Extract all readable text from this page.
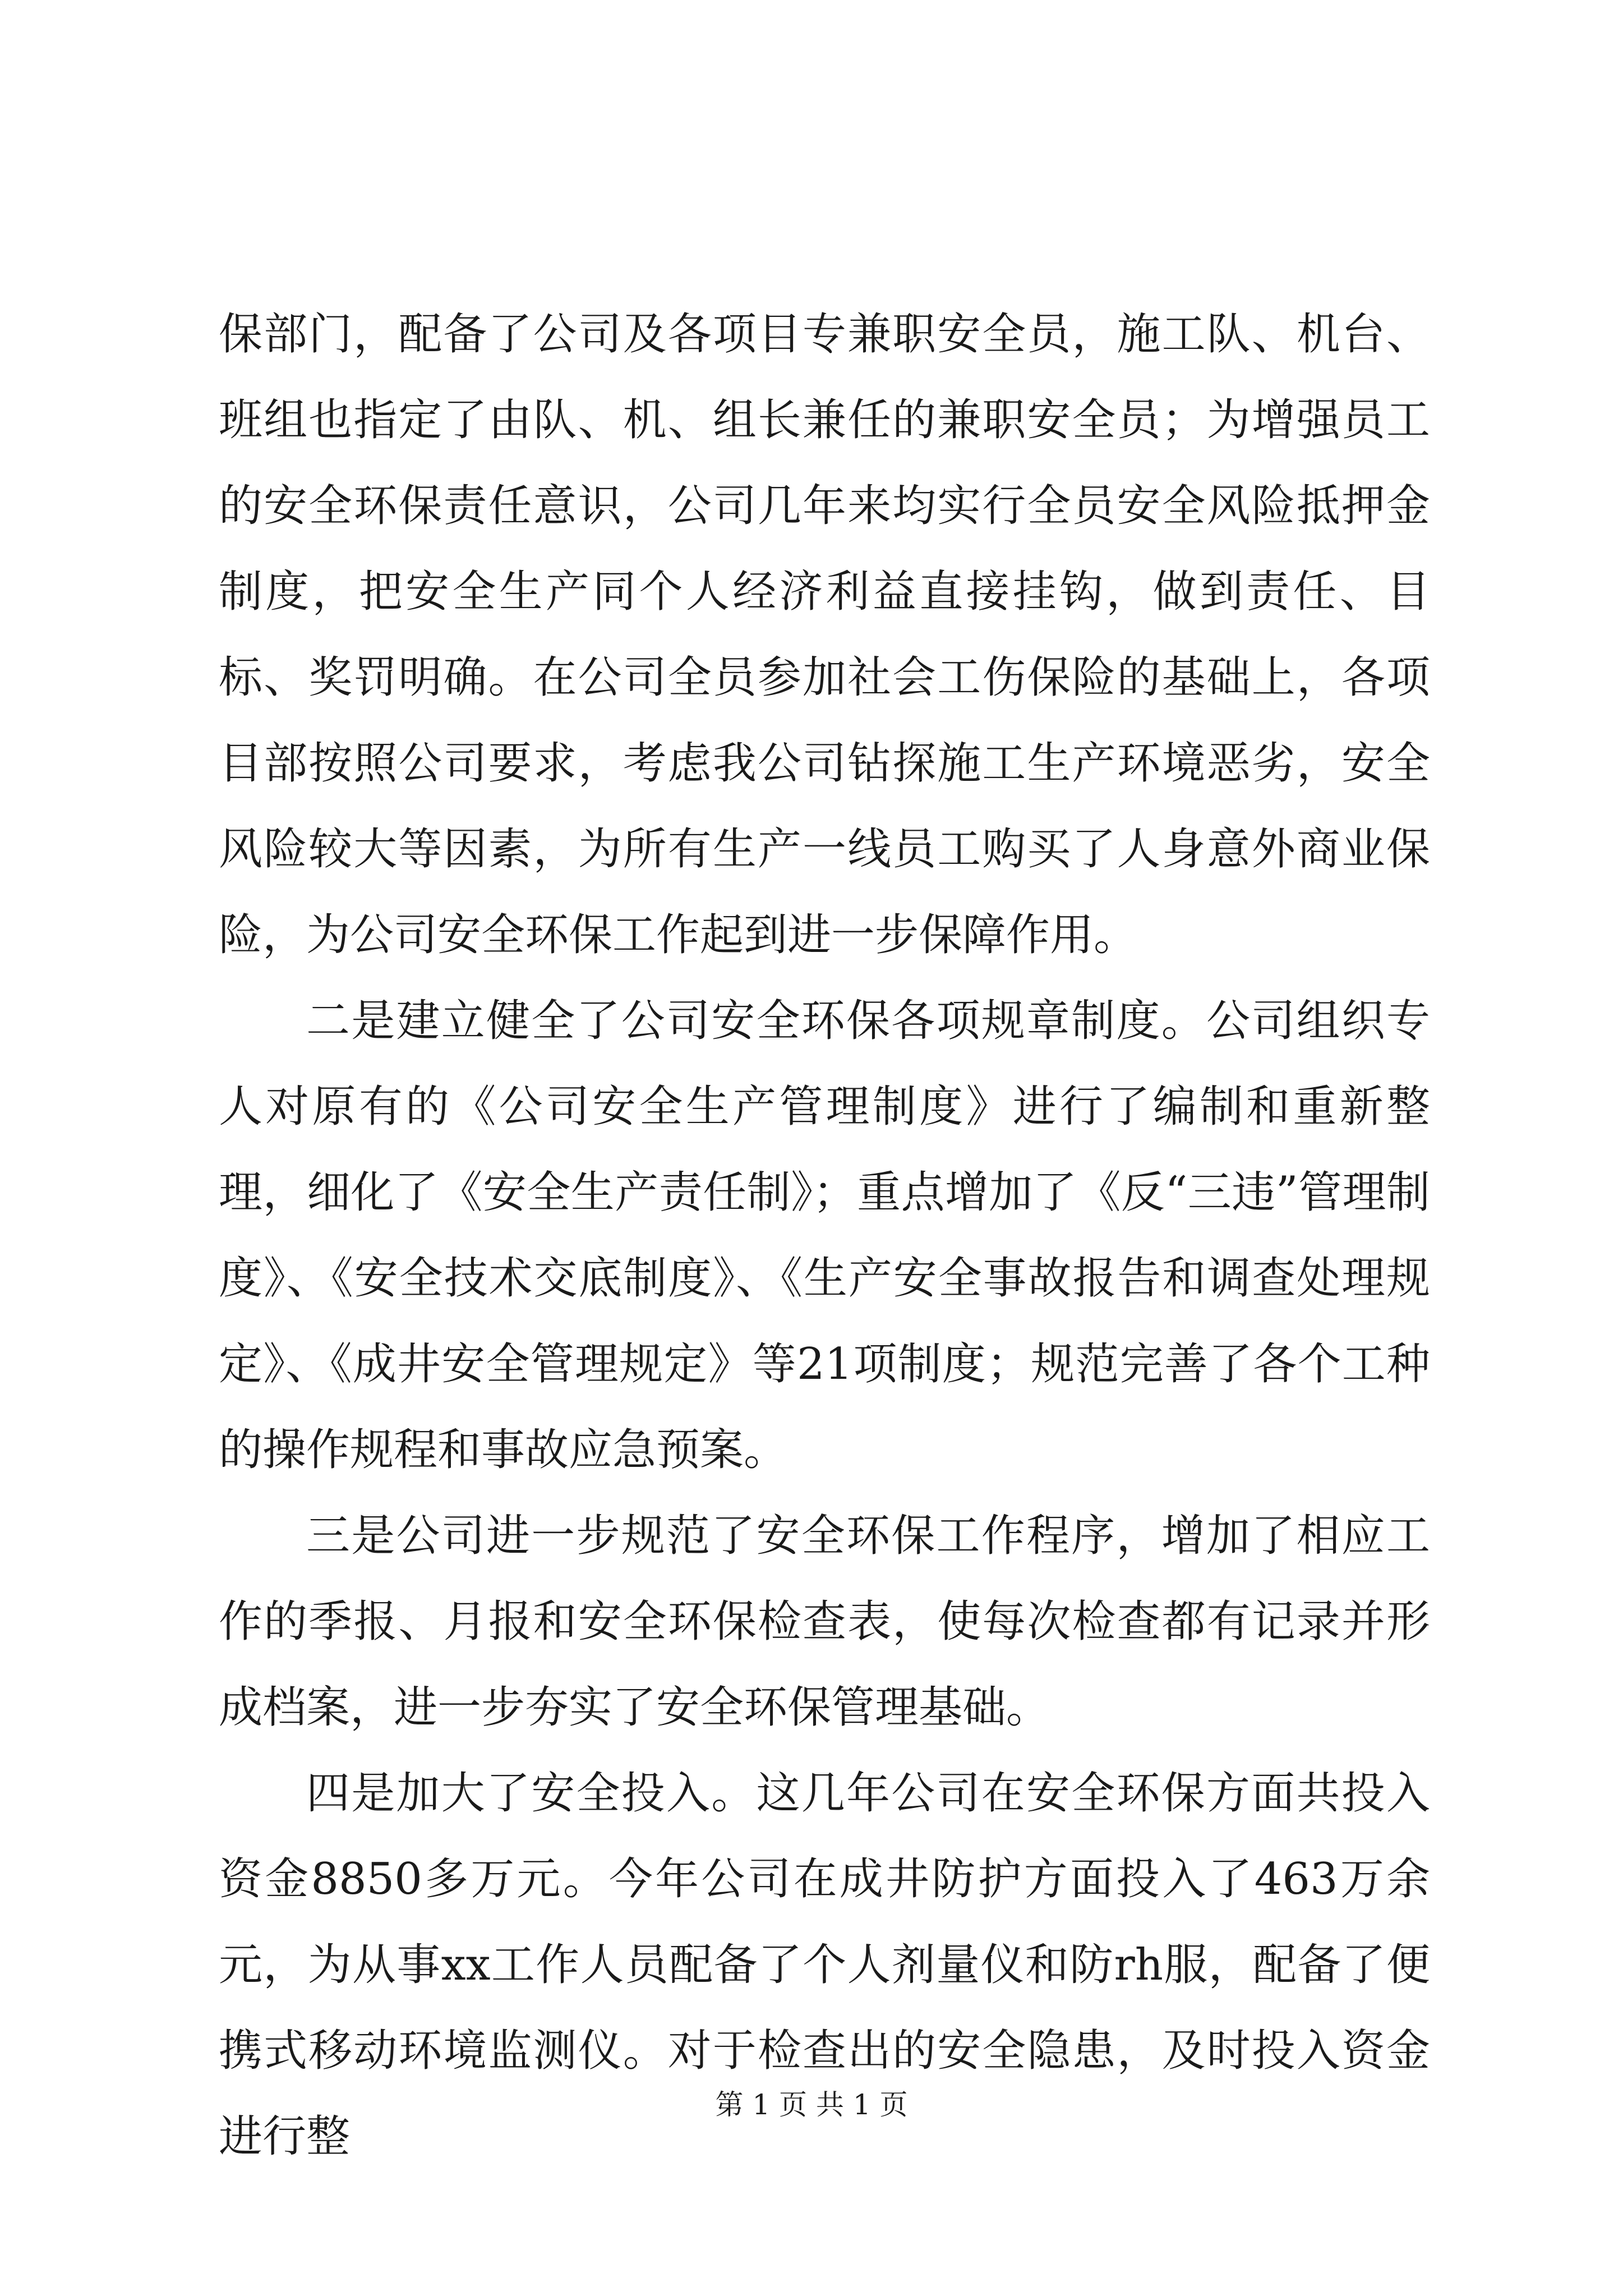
保部门，配备了公司及各项目专兼职安全员，施工队、机台、班组也指定了由队、机、组长兼任的兼职安全员；为增强员工的安全环保责任意识，公司几年来均实行全员安全风险抵押金制度，把安全生产同个人经济利益直接挂钩，做到责任、目标、奖罚明确。在公司全员参加社会工伤保险的基础上，各项目部按照公司要求，考虑我公司钻探施工生产环境恶劣，安全风险较大等因素，为所有生产一线员工购买了人身意外商业保险，为公司安全环保工作起到进一步保障作用。

二是建立健全了公司安全环保各项规章制度。公司组织专人对原有的《公司安全生产管理制度》进行了编制和重新整理，细化了《安全生产责任制》；重点增加了《反“三违”管理制度》、《安全技术交底制度》、《生产安全事故报告和调查处理规定》、《成井安全管理规定》等21项制度；规范完善了各个工种的操作规程和事故应急预案。

三是公司进一步规范了安全环保工作程序，增加了相应工作的季报、月报和安全环保检查表，使每次检查都有记录并形成档案，进一步夯实了安全环保管理基础。

四是加大了安全投入。这几年公司在安全环保方面共投入资金8850多万元。今年公司在成井防护方面投入了463万余元，为从事xx工作人员配备了个人剂量仪和防rh服，配备了便携式移动环境监测仪。对于检查出的安全隐患，及时投入资金进行整

第 1 页 共 1 页
